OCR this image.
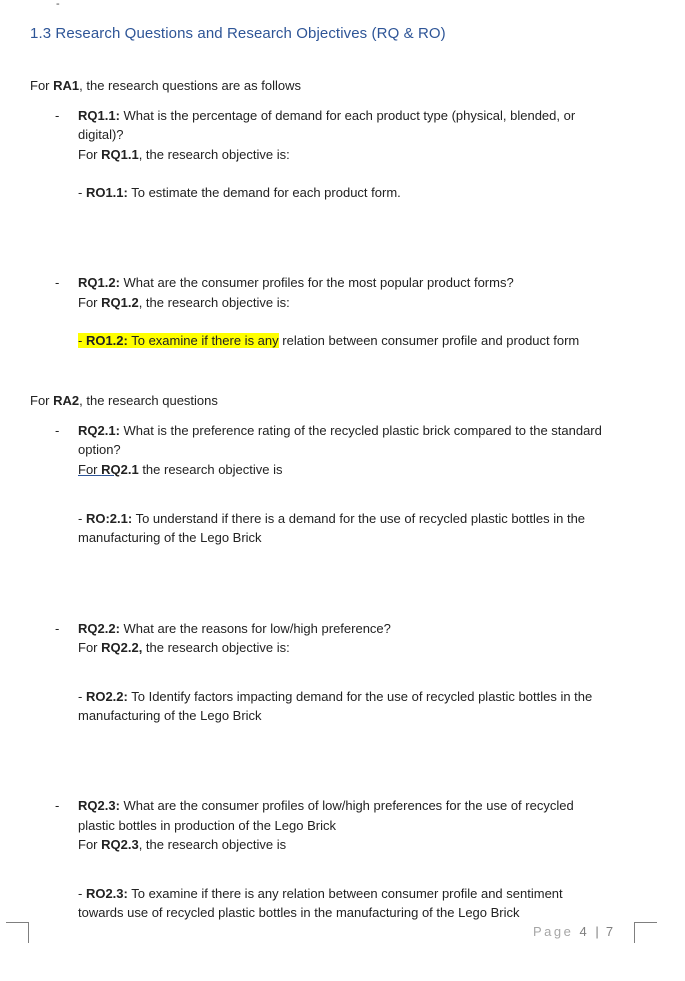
-
1.3 Research Questions and Research Objectives (RQ & RO)
For RA1, the research questions are as follows
- RQ1.1: What is the percentage of demand for each product type (physical, blended, or
digital)?
For RQ1.1, the research objective is:
- RO1.1: To estimate the demand for each product form.
- RQ1.2: What are the consumer profiles for the most popular product forms?
For RQ1.2, the research objective is:
- RO1.2: To examine if there is any relation between consumer profile and product form
For RA2, the research questions
- RQ2.1: What is the preference rating of the recycled plastic brick compared to the standard
option?
For RQ2.1 the research objective is
- RO:2.1: To understand if there is a demand for the use of recycled plastic bottles in the
manufacturing of the Lego Brick
- RQ2.2: What are the reasons for low/high preference?
For RQ2.2, the research objective is:
- RO2.2: To Identify factors impacting demand for the use of recycled plastic bottles in the
manufacturing of the Lego Brick
- RQ2.3: What are the consumer profiles of low/high preferences for the use of recycled
plastic bottles in production of the Lego Brick
For RQ2.3, the research objective is
- RO2.3: To examine if there is any relation between consumer profile and sentiment
towards use of recycled plastic bottles in the manufacturing of the Lego Brick
Page 4 | 7
